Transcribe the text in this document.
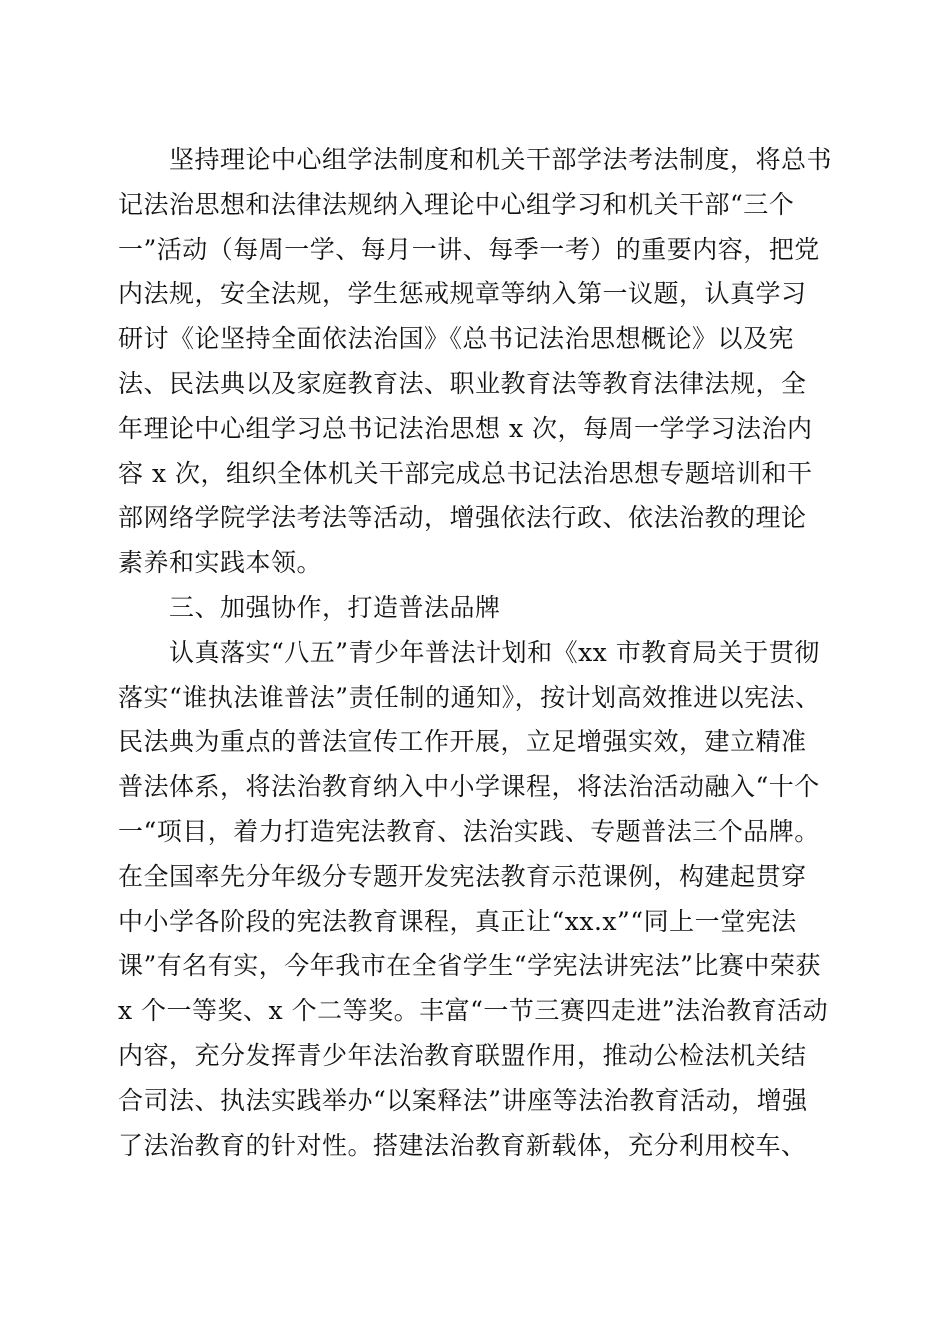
　　坚持理论中心组学法制度和机关干部学法考法制度，将总书
记法治思想和法律法规纳入理论中心组学习和机关干部“三个
一”活动（每周一学、每月一讲、每季一考）的重要内容，把党
内法规，安全法规，学生惩戒规章等纳入第一议题，认真学习
研讨《论坚持全面依法治国》《总书记法治思想概论》以及宪
法、民法典以及家庭教育法、职业教育法等教育法律法规，全
年理论中心组学习总书记法治思想 x 次，每周一学学习法治内
容 x 次，组织全体机关干部完成总书记法治思想专题培训和干
部网络学院学法考法等活动，增强依法行政、依法治教的理论
素养和实践本领。
　　三、加强协作，打造普法品牌
　　认真落实“八五”青少年普法计划和《xx 市教育局关于贯彻
落实“谁执法谁普法”责任制的通知》，按计划高效推进以宪法、
民法典为重点的普法宣传工作开展，立足增强实效，建立精准
普法体系，将法治教育纳入中小学课程，将法治活动融入“十个
一“项目，着力打造宪法教育、法治实践、专题普法三个品牌。
在全国率先分年级分专题开发宪法教育示范课例，构建起贯穿
中小学各阶段的宪法教育课程，真正让“xx.x”“同上一堂宪法
课”有名有实，今年我市在全省学生“学宪法讲宪法”比赛中荣获
x 个一等奖、x 个二等奖。丰富“一节三赛四走进”法治教育活动
内容，充分发挥青少年法治教育联盟作用，推动公检法机关结
合司法、执法实践举办“以案释法”讲座等法治教育活动，增强
了法治教育的针对性。搭建法治教育新载体，充分利用校车、
